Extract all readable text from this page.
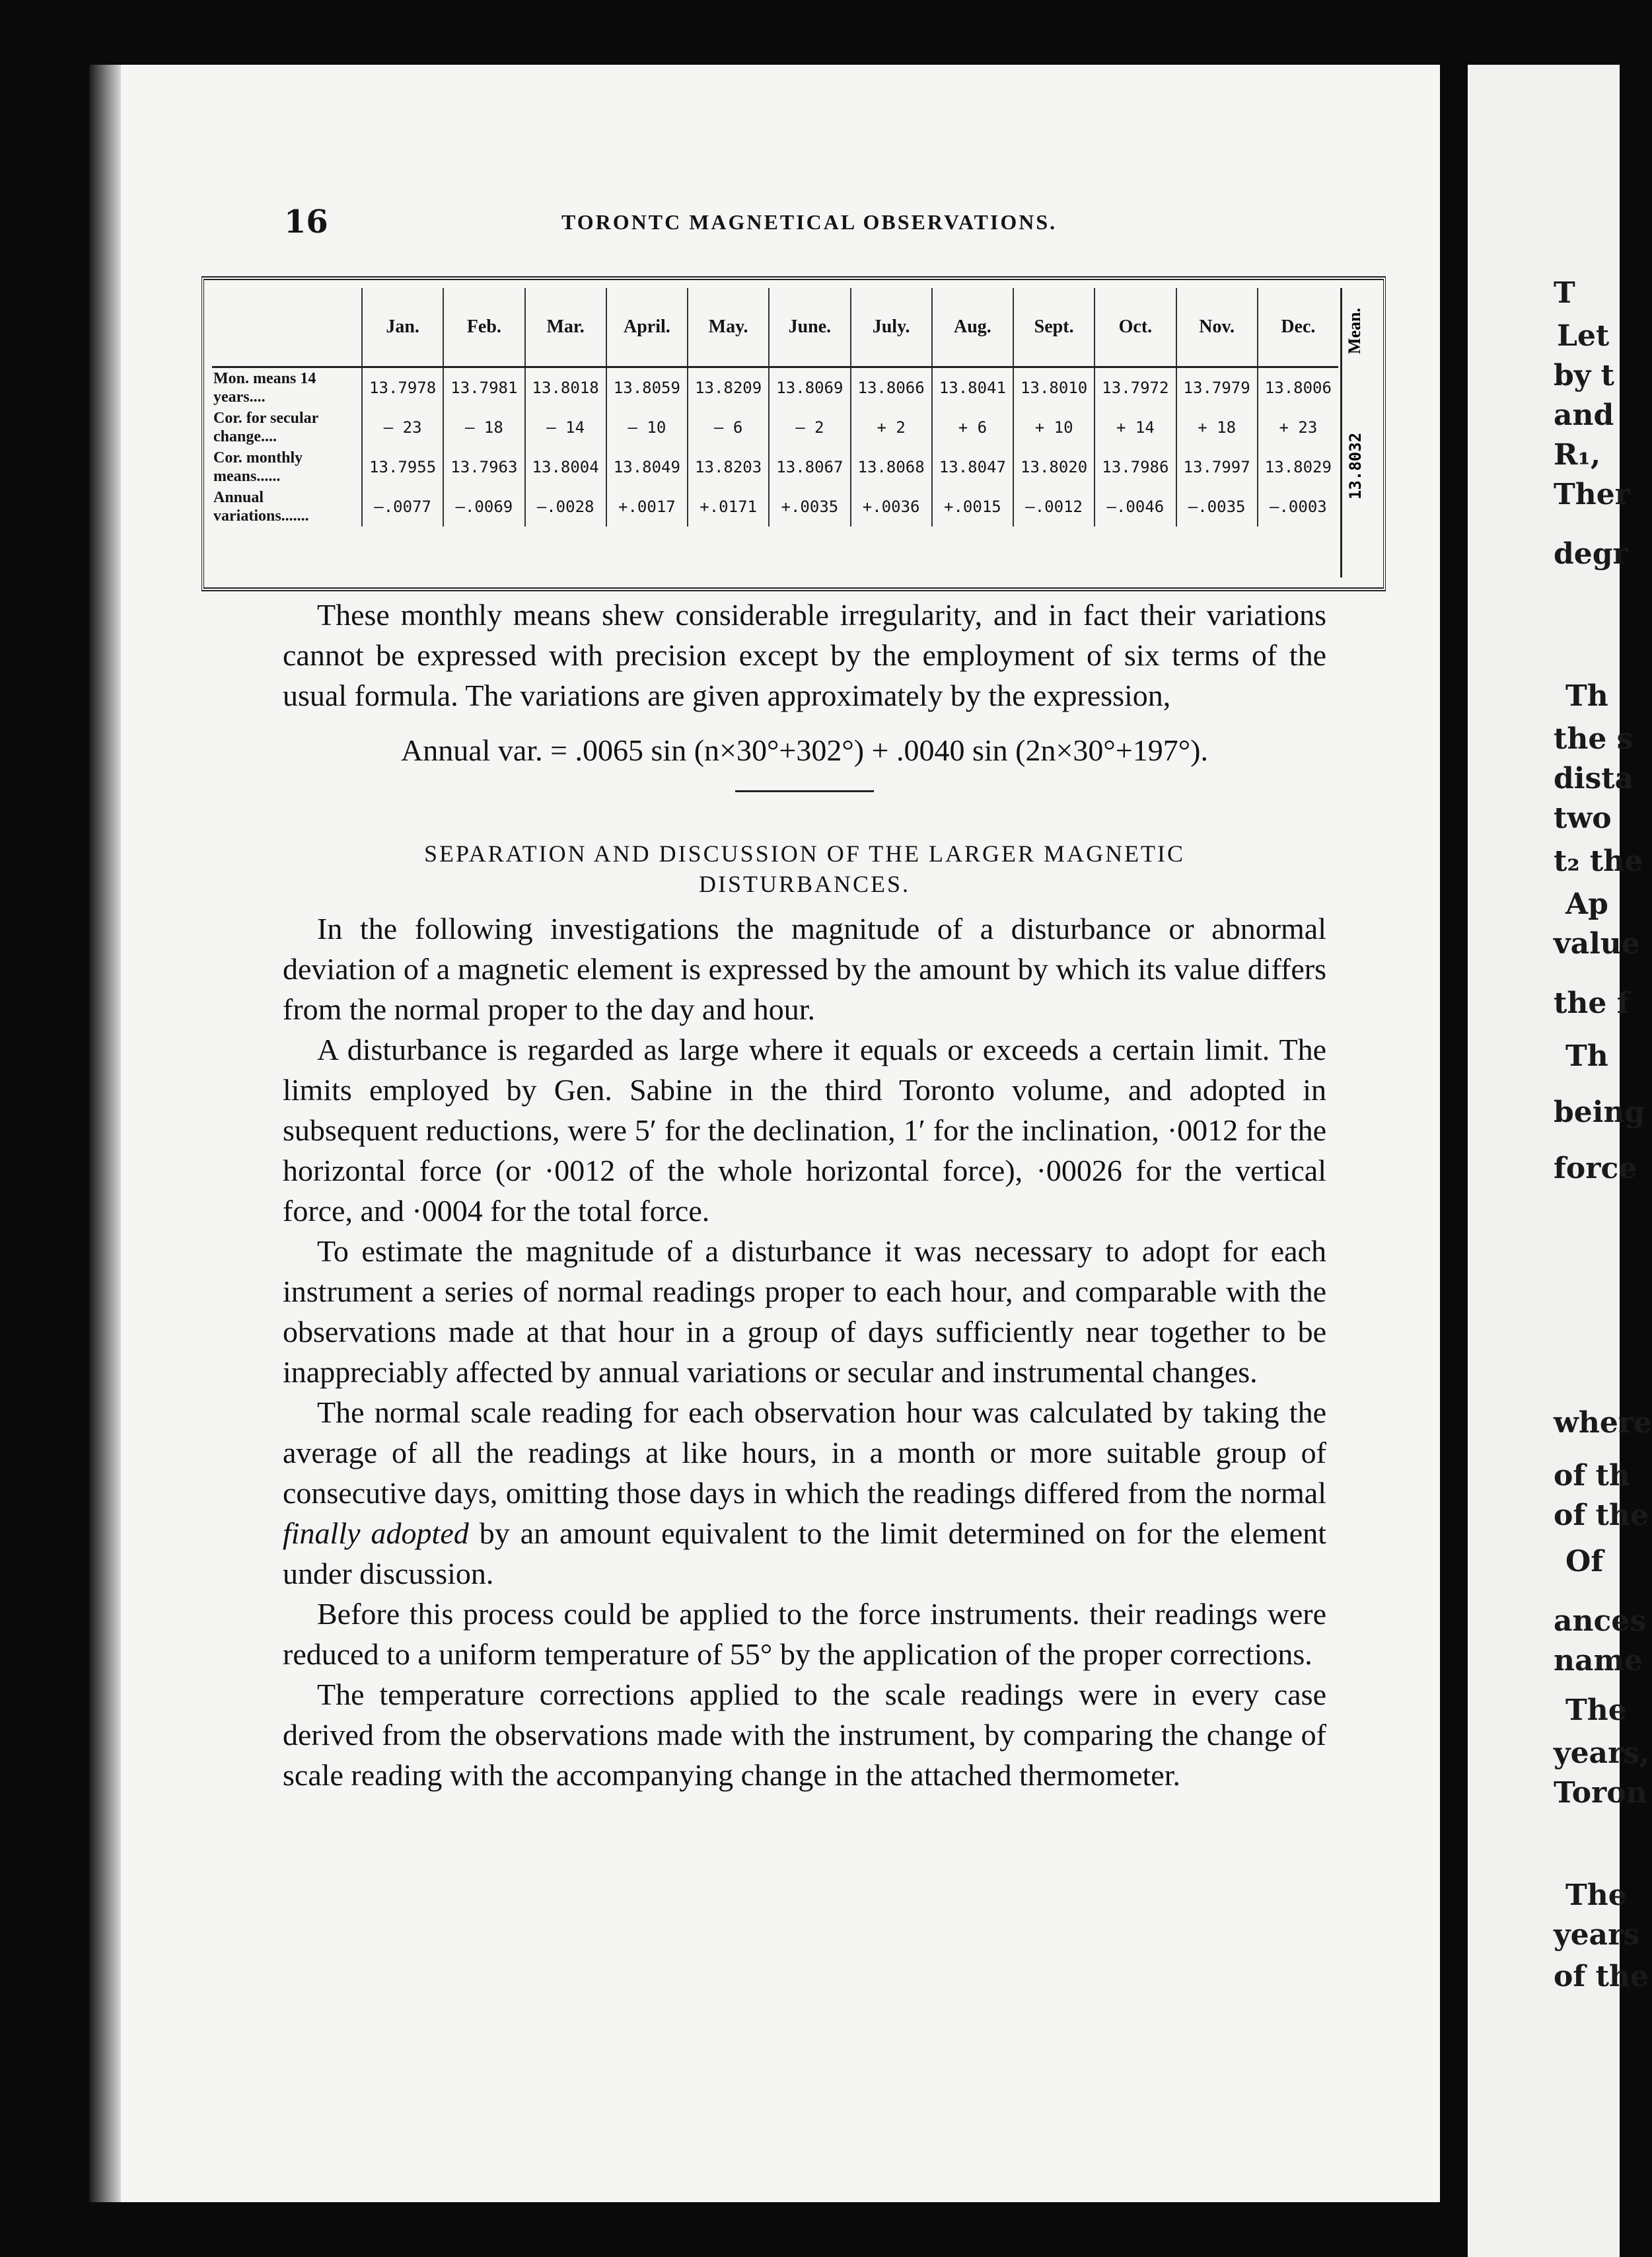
T
Let
by t
and
R₁,
Ther
degr
Th
the s
dista
two
t₂ the
Ap
value
the f
Th
being
force
where
of th
of the
Of
ances
name
The
years,
Toron
The
years
of the
16	TORONTC MAGNETICAL OBSERVATIONS.
	Jan.	Feb.	Mar.	April.	May.	June.	July.	Aug.	Sept.	Oct.	Nov.	Dec.
Mon. means 14 years....	13.7978	13.7981	13.8018	13.8059	13.8209	13.8069	13.8066	13.8041	13.8010	13.7972	13.7979	13.8006
Cor. for secular change....	— 23	— 18	— 14	— 10	— 6	— 2	+ 2	+ 6	+ 10	+ 14	+ 18	+ 23
Cor. monthly means......	13.7955	13.7963	13.8004	13.8049	13.8203	13.8067	13.8068	13.8047	13.8020	13.7986	13.7997	13.8029
Annual variations.......	—.0077	—.0069	—.0028	+.0017	+.0171	+.0035	+.0036	+.0015	—.0012	—.0046	—.0035	—.0003
Mean.
13.8032

These monthly means shew considerable irregularity, and in fact their variations cannot be expressed with precision except by the employment of six terms of the usual formula. The variations are given approximately by the expression,

Annual var. = .0065 sin (n×30°+302°) + .0040 sin (2n×30°+197°).

SEPARATION AND DISCUSSION OF THE LARGER MAGNETIC
DISTURBANCES.

In the following investigations the magnitude of a disturbance or abnormal deviation of a magnetic element is expressed by the amount by which its value differs from the normal proper to the day and hour.

A disturbance is regarded as large where it equals or exceeds a certain limit. The limits employed by Gen. Sabine in the third Toronto volume, and adopted in subsequent reductions, were 5′ for the declination, 1′ for the inclination, ·0012 for the horizontal force (or ·0012 of the whole horizontal force), ·00026 for the vertical force, and ·0004 for the total force.

To estimate the magnitude of a disturbance it was necessary to adopt for each instrument a series of normal readings proper to each hour, and comparable with the observations made at that hour in a group of days sufficiently near together to be inappreciably affected by annual variations or secular and instrumental changes.

The normal scale reading for each observation hour was calculated by taking the average of all the readings at like hours, in a month or more suitable group of consecutive days, omitting those days in which the readings differed from the normal finally adopted by an amount equivalent to the limit determined on for the element under discussion.

Before this process could be applied to the force instruments. their readings were reduced to a uniform temperature of 55° by the application of the proper corrections.

The temperature corrections applied to the scale readings were in every case derived from the observations made with the instrument, by comparing the change of scale reading with the accompanying change in the attached thermometer.
